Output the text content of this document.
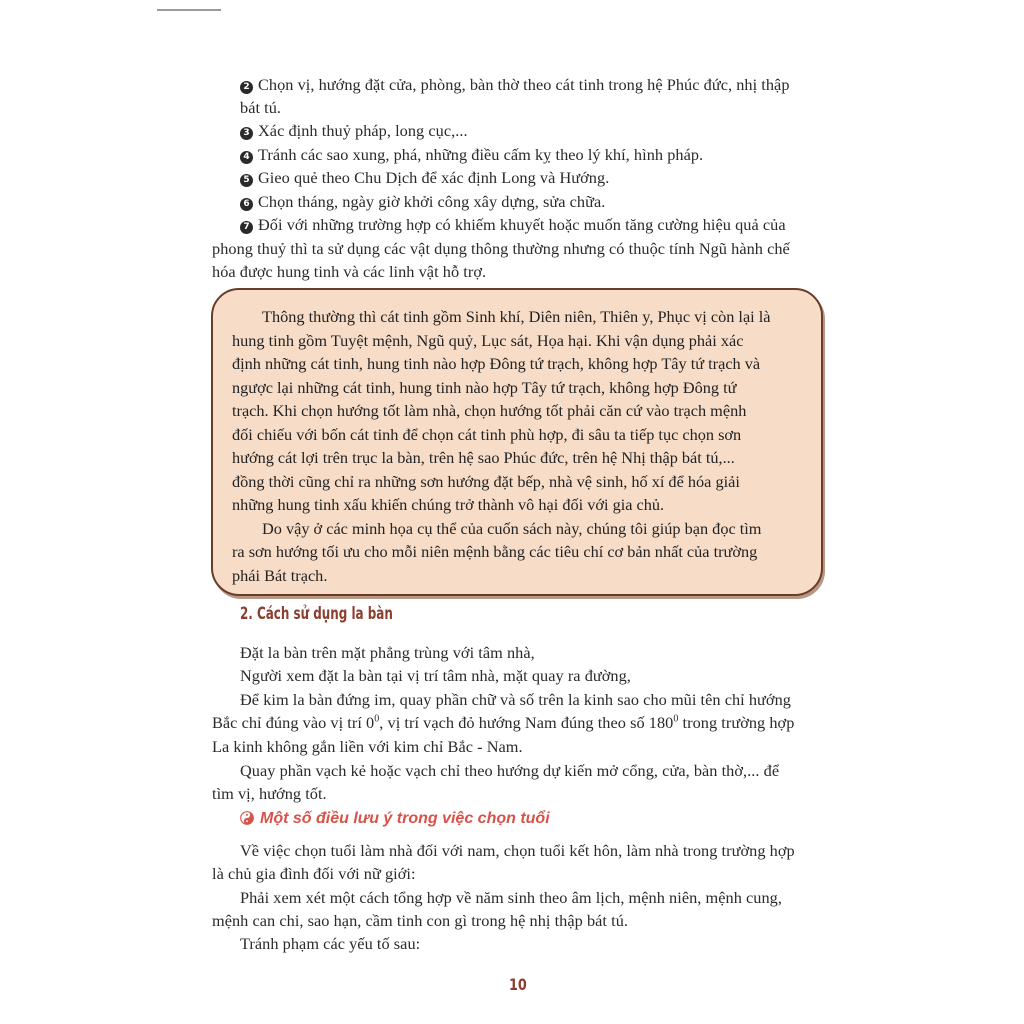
2 Chọn vị, hướng đặt cửa, phòng, bàn thờ theo cát tinh trong hệ Phúc đức, nhị thập
bát tú.
3 Xác định thuỷ pháp, long cục,...
4 Tránh các sao xung, phá, những điều cấm kỵ theo lý khí, hình pháp.
5 Gieo quẻ theo Chu Dịch để xác định Long và Hướng.
6 Chọn tháng, ngày giờ khởi công xây dựng, sửa chữa.
7 Đối với những trường hợp có khiếm khuyết hoặc muốn tăng cường hiệu quả của
phong thuỷ thì ta sử dụng các vật dụng thông thường nhưng có thuộc tính Ngũ hành chế
hóa được hung tinh và các linh vật hỗ trợ.
Thông thường thì cát tinh gồm Sinh khí, Diên niên, Thiên y, Phục vị còn lại là
hung tinh gồm Tuyệt mệnh, Ngũ quỷ, Lục sát, Họa hại. Khi vận dụng phải xác
định những cát tinh, hung tinh nào hợp Đông tứ trạch, không hợp Tây tứ trạch và
ngược lại những cát tinh, hung tinh nào hợp Tây tứ trạch, không hợp Đông tứ
trạch. Khi chọn hướng tốt làm nhà, chọn hướng tốt phải căn cứ vào trạch mệnh
đối chiếu với bốn cát tinh để chọn cát tinh phù hợp, đi sâu ta tiếp tục chọn sơn
hướng cát lợi trên trục la bàn, trên hệ sao Phúc đức, trên hệ Nhị thập bát tú,...
đồng thời cũng chỉ ra những sơn hướng đặt bếp, nhà vệ sinh, hố xí để hóa giải
những hung tinh xấu khiến chúng trở thành vô hại đối với gia chủ.
Do vậy ở các minh họa cụ thể của cuốn sách này, chúng tôi giúp bạn đọc tìm
ra sơn hướng tối ưu cho mỗi niên mệnh bằng các tiêu chí cơ bản nhất của trường
phái Bát trạch.
2. Cách sử dụng la bàn
Đặt la bàn trên mặt phẳng trùng với tâm nhà,
Người xem đặt la bàn tại vị trí tâm nhà, mặt quay ra đường,
Để kim la bàn đứng im, quay phần chữ và số trên la kinh sao cho mũi tên chỉ hướng
Bắc chỉ đúng vào vị trí $0^0$, vị trí vạch đỏ hướng Nam đúng theo số $180^0$ trong trường hợp
La kinh không gắn liền với kim chỉ Bắc - Nam.
Quay phần vạch kẻ hoặc vạch chỉ theo hướng dự kiến mở cổng, cửa, bàn thờ,... để
tìm vị, hướng tốt.
Một số điều lưu ý trong việc chọn tuổi
Về việc chọn tuổi làm nhà đối với nam, chọn tuổi kết hôn, làm nhà trong trường hợp
là chủ gia đình đối với nữ giới:
Phải xem xét một cách tổng hợp về năm sinh theo âm lịch, mệnh niên, mệnh cung,
mệnh can chi, sao hạn, cầm tinh con gì trong hệ nhị thập bát tú.
Tránh phạm các yếu tố sau:
10
